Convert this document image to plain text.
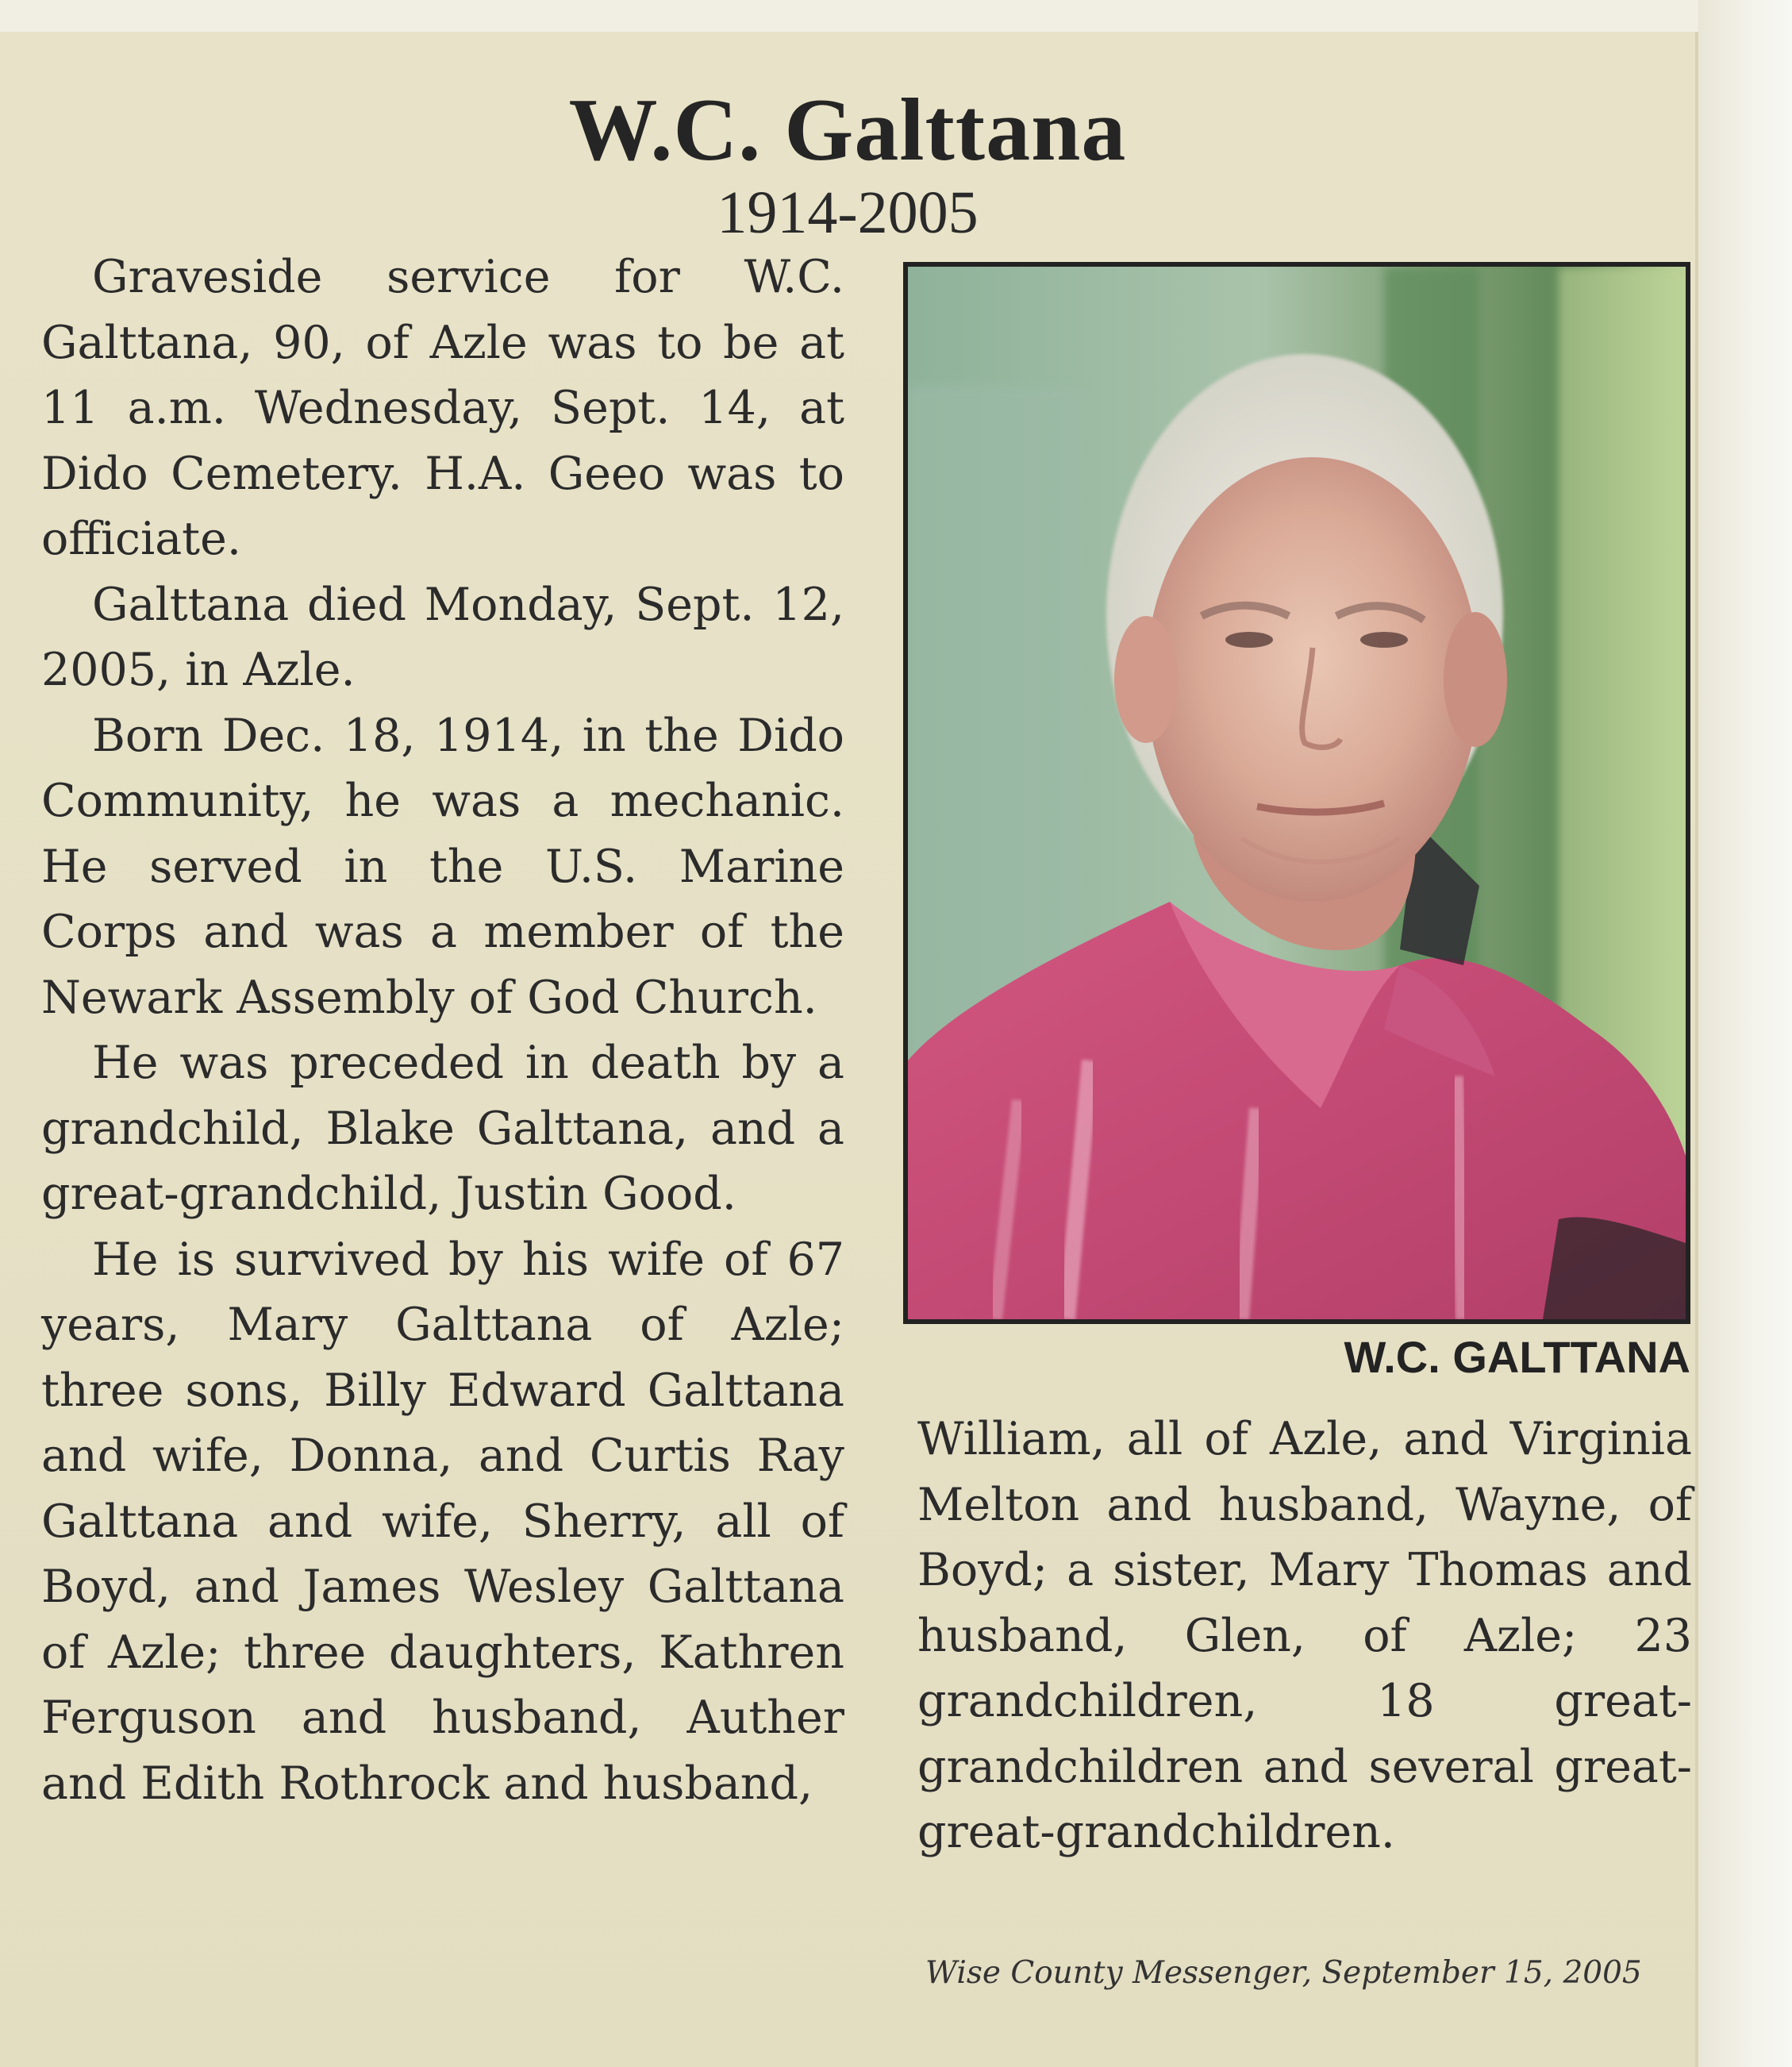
W.C. Galttana
1914-2005

Graveside service for W.C. Galttana, 90, of Azle was to be at 11 a.m. Wednesday, Sept. 14, at Dido Cemetery. H.A. Geeo was to officiate.

Galttana died Monday, Sept. 12, 2005, in Azle.

Born Dec. 18, 1914, in the Dido Community, he was a mechanic. He served in the U.S. Marine Corps and was a member of the Newark Assembly of God Church.

He was preceded in death by a grandchild, Blake Galttana, and a great-grandchild, Justin Good.

He is survived by his wife of 67 years, Mary Galttana of Azle; three sons, Billy Edward Galttana and wife, Donna, and Curtis Ray Galttana and wife, Sherry, all of Boyd, and James Wesley Galttana of Azle; three daughters, Kathren Ferguson and husband, Auther and Edith Rothrock and husband,

W.C. GALTTANA

William, all of Azle, and Virginia Melton and husband, Wayne, of Boyd; a sister, Mary Thomas and husband, Glen, of Azle; 23 grandchildren, 18 great-grandchildren and several great-great-grandchildren.

Wise County Messenger, September 15, 2005
